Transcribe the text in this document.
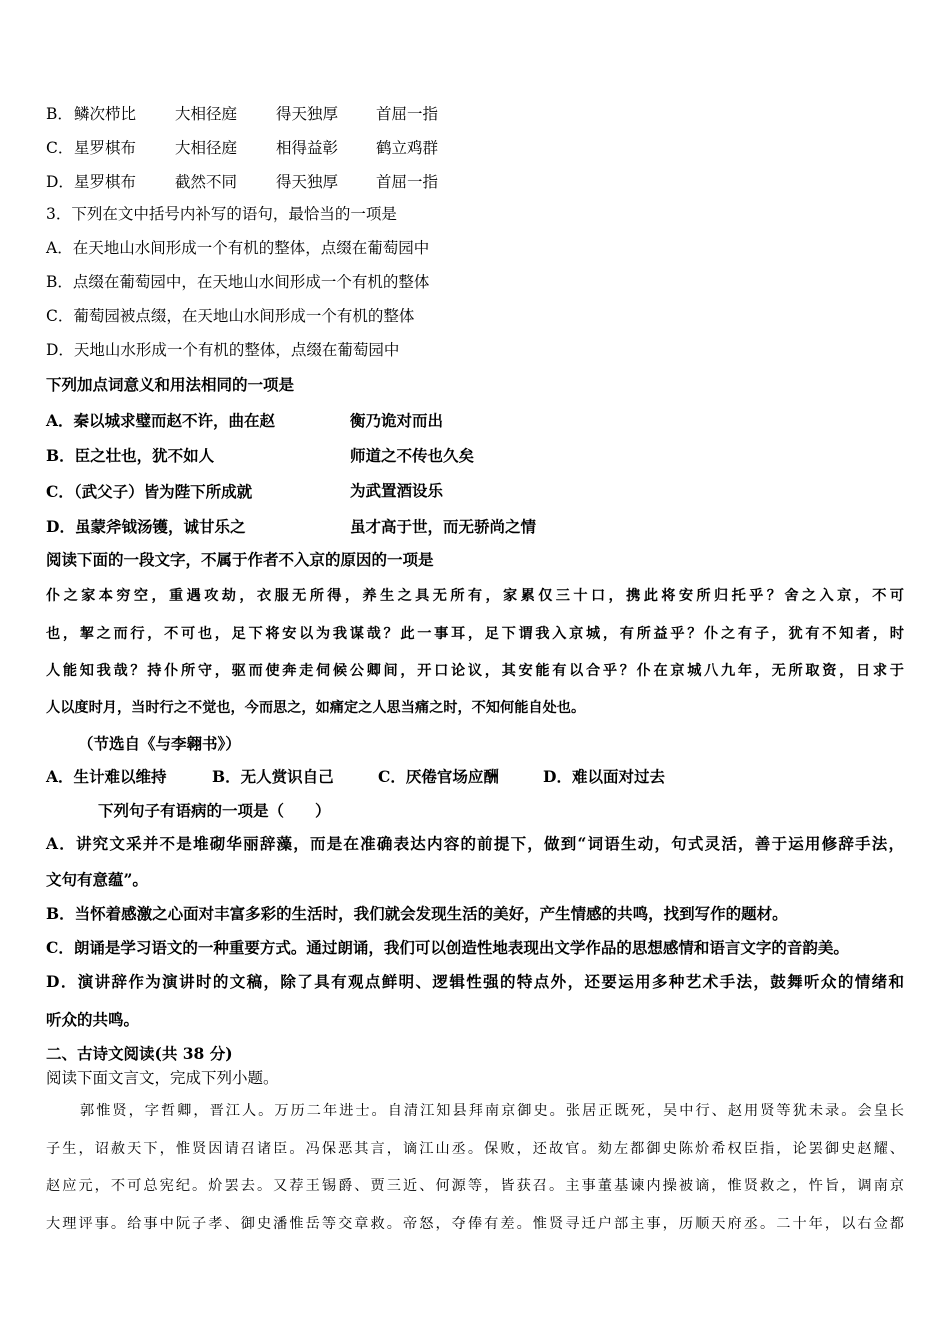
B． 鳞次栉比	大相径庭	得天独厚 首屈一指
C． 星罗棋布	大相径庭	相得益彰 鹤立鸡群
D． 星罗棋布	截然不同	得天独厚 首屈一指
3．下列在文中括号内补写的语句，最恰当的一项是
A．在天地山水间形成一个有机的整体，点缀在葡萄园中
B．点缀在葡萄园中，在天地山水间形成一个有机的整体
C．葡萄园被点缀，在天地山水间形成一个有机的整体
D．天地山水形成一个有机的整体，点缀在葡萄园中
下列加点词意义和用法相同的一项是
A．秦以城求璧而赵不许，曲在赵	衡乃诡对而出
B．臣之壮也，犹不如人	师道之不传也久矣
C．（武父子）皆为陛下所成就	为武置酒设乐
D．虽蒙斧钺汤镬，诚甘乐之	虽才高于世，而无骄尚之情
阅读下面的一段文字，不属于作者不入京的原因的一项是
仆之家本穷空，重遇攻劫，衣服无所得，养生之具无所有，家累仅三十口，携此将安所归托乎？舍之入京，不可
也，挈之而行，不可也，足下将安以为我谋哉？此一事耳，足下谓我入京城，有所益乎？仆之有子，犹有不知者，时
人能知我哉？持仆所守，驱而使奔走伺候公卿间，开口论议，其安能有以合乎？仆在京城八九年，无所取资，日求于
人以度时月，当时行之不觉也，今而思之，如痛定之人思当痛之时，不知何能自处也。
（节选自《与李翱书》）
A．生计难以维持	B．无人赏识自己	C．厌倦官场应酬	D．难以面对过去
下列句子有语病的一项是（　　）
A．讲究文采并不是堆砌华丽辞藻，而是在准确表达内容的前提下，做到“词语生动，句式灵活，善于运用修辞手法，
文句有意蕴”。
B．当怀着感激之心面对丰富多彩的生活时，我们就会发现生活的美好，产生情感的共鸣，找到写作的题材。
C．朗诵是学习语文的一种重要方式。通过朗诵，我们可以创造性地表现出文学作品的思想感情和语言文字的音韵美。
D．演讲辞作为演讲时的文稿，除了具有观点鲜明、逻辑性强的特点外，还要运用多种艺术手法，鼓舞听众的情绪和
听众的共鸣。
二、古诗文阅读(共 38 分)
阅读下面文言文，完成下列小题。
郭惟贤，字哲卿，晋江人。万历二年进士。自清江知县拜南京御史。张居正既死，吴中行、赵用贤等犹未录。会皇长
子生，诏赦天下，惟贤因请召诸臣。冯保恶其言，谪江山丞。保败，还故官。劾左都御史陈炌希权臣指，论罢御史赵耀、
赵应元，不可总宪纪。炌罢去。又荐王锡爵、贾三近、何源等，皆获召。主事董基谏内操被谪，惟贤救之，忤旨，调南京
大理评事。给事中阮子孝、御史潘惟岳等交章救。帝怒，夺俸有差。惟贤寻迁户部主事，历顺天府丞。二十年，以右佥都
